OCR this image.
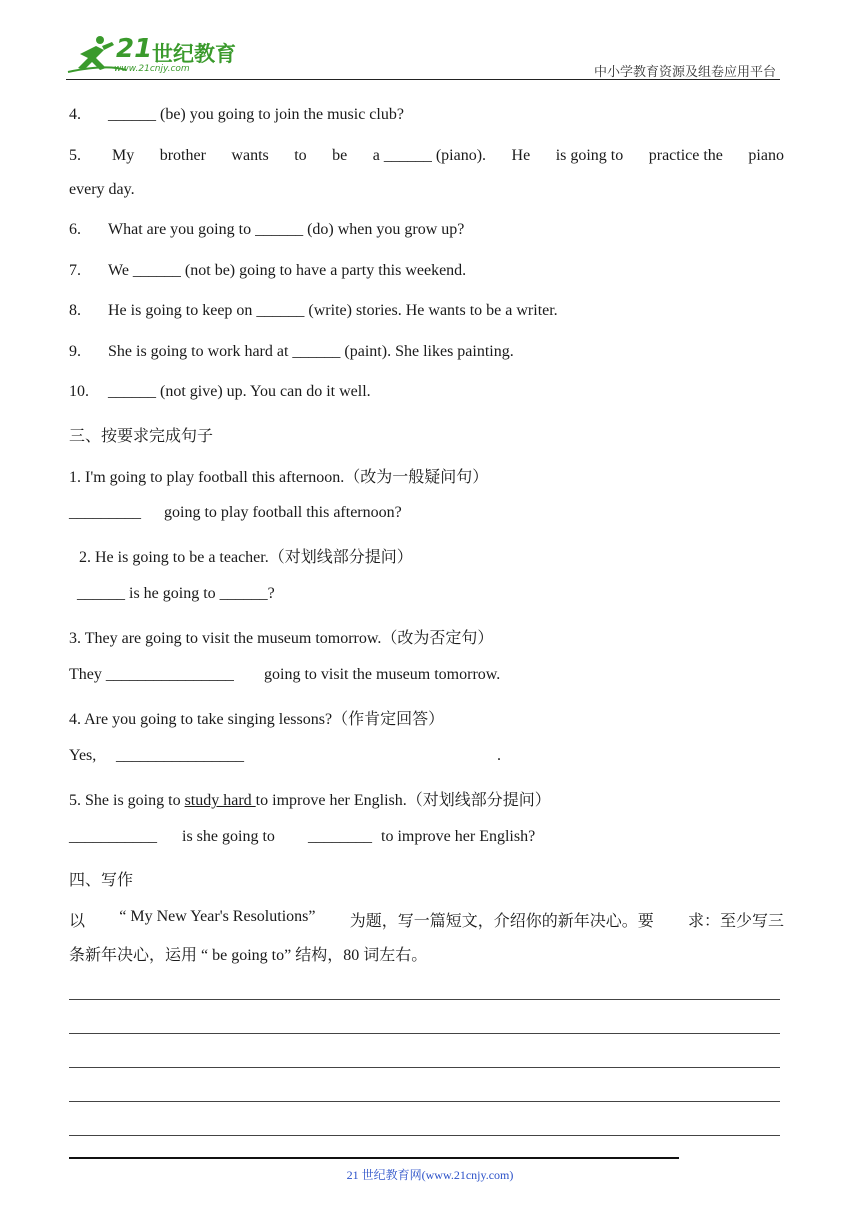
21 世纪教育
www.21cnjy.com	中小学教育资源及组卷应用平台
4. ______ (be) you going to join the music club?
5. My brother wants to be a ______ (piano). He is going to practice the piano
every day.
6. What are you going to ______ (do) when you grow up?
7. We ______ (not be) going to have a party this weekend.
8. He is going to keep on ______ (write) stories. He wants to be a writer.
9. She is going to work hard at ______ (paint). She likes painting.
10. ______ (not give) up. You can do it well.
三、按要求完成句子
1. I'm going to play football this afternoon.（改为一般疑问句）
_________ going to play football this afternoon?
2. He is going to be a teacher.（对划线部分提问）
______ is he going to ______?
3. They are going to visit the museum tomorrow.（改为否定句）
They ________________ going to visit the museum tomorrow.
4. Are you going to take singing lessons?（作肯定回答）
Yes, ________________	.
5. She is going to study hard to improve her English.（对划线部分提问）
___________ is she going to ________ to improve her English?
四、写作
以 “ My New Year's Resolutions” 为题，写一篇短文，介绍你的新年决心。要 求：至少写三
条新年决心，运用 “ be going to” 结构，80 词左右。
21 世纪教育网(www.21cnjy.com)
